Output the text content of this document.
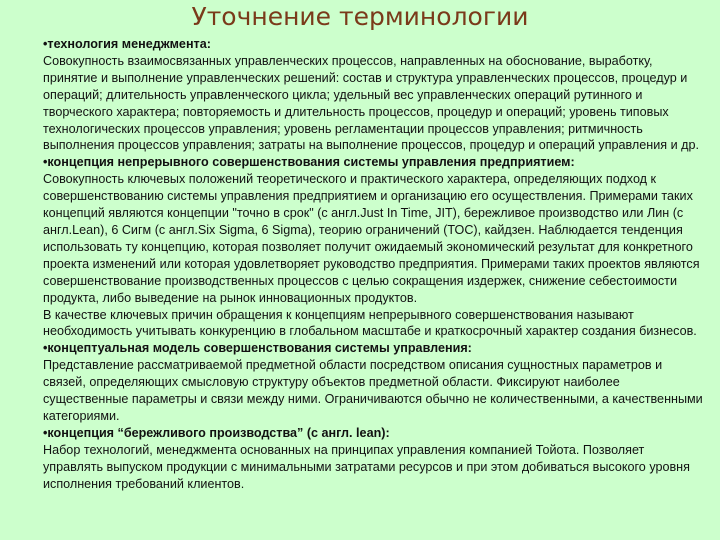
Уточнение терминологии

•технология менеджмента:

Совокупность взаимосвязанных управленческих процессов, направленных на обоснование, выработку, принятие и выполнение управленческих решений: состав и структура управленческих процессов, процедур и операций; длительность управленческого цикла; удельный вес управленческих операций рутинного и творческого характера; повторяемость и длительность процессов, процедур и операций; уровень типовых технологических процессов управления; уровень регламентации процессов управления; ритмичность выполнения процессов управления; затраты на выполнение процессов, процедур и операций управления и др.

•концепция непрерывного совершенствования системы управления предприятием:

Совокупность ключевых положений теоретического и практического характера, определяющих подход к совершенствованию системы управления предприятием и организацию его осуществления. Примерами таких концепций являются концепции "точно в срок" (с англ.Just In Time, JIT), бережливое производство или Лин (с англ.Lean), 6 Сигм (с англ.Six Sigma, 6 Sigma), теорию ограничений (ТОС), кайдзен. Наблюдается тенденция использовать ту концепцию, которая позволяет получит ожидаемый экономический результат для конкретного проекта изменений или которая удовлетворяет руководство предприятия. Примерами таких проектов являются совершенствование производственных процессов с целью сокращения издержек, снижение себестоимости продукта, либо выведение на рынок инновационных продуктов.

В качестве ключевых причин обращения к концепциям непрерывного совершенствования называют необходимость учитывать конкуренцию в глобальном масштабе и краткосрочный характер создания бизнесов.

•концептуальная модель совершенствования системы управления:

Представление рассматриваемой предметной области посредством описания сущностных параметров и связей, определяющих смысловую структуру объектов предметной области. Фиксируют наиболее существенные параметры и связи между ними. Ограничиваются обычно не количественными, а качественными категориями.

•концепция “бережливого производства” (с англ. lean):

Набор технологий, менеджмента основанных на принципах управления компанией Тойота. Позволяет управлять выпуском продукции с минимальными затратами ресурсов и при этом добиваться высокого уровня исполнения требований клиентов.
